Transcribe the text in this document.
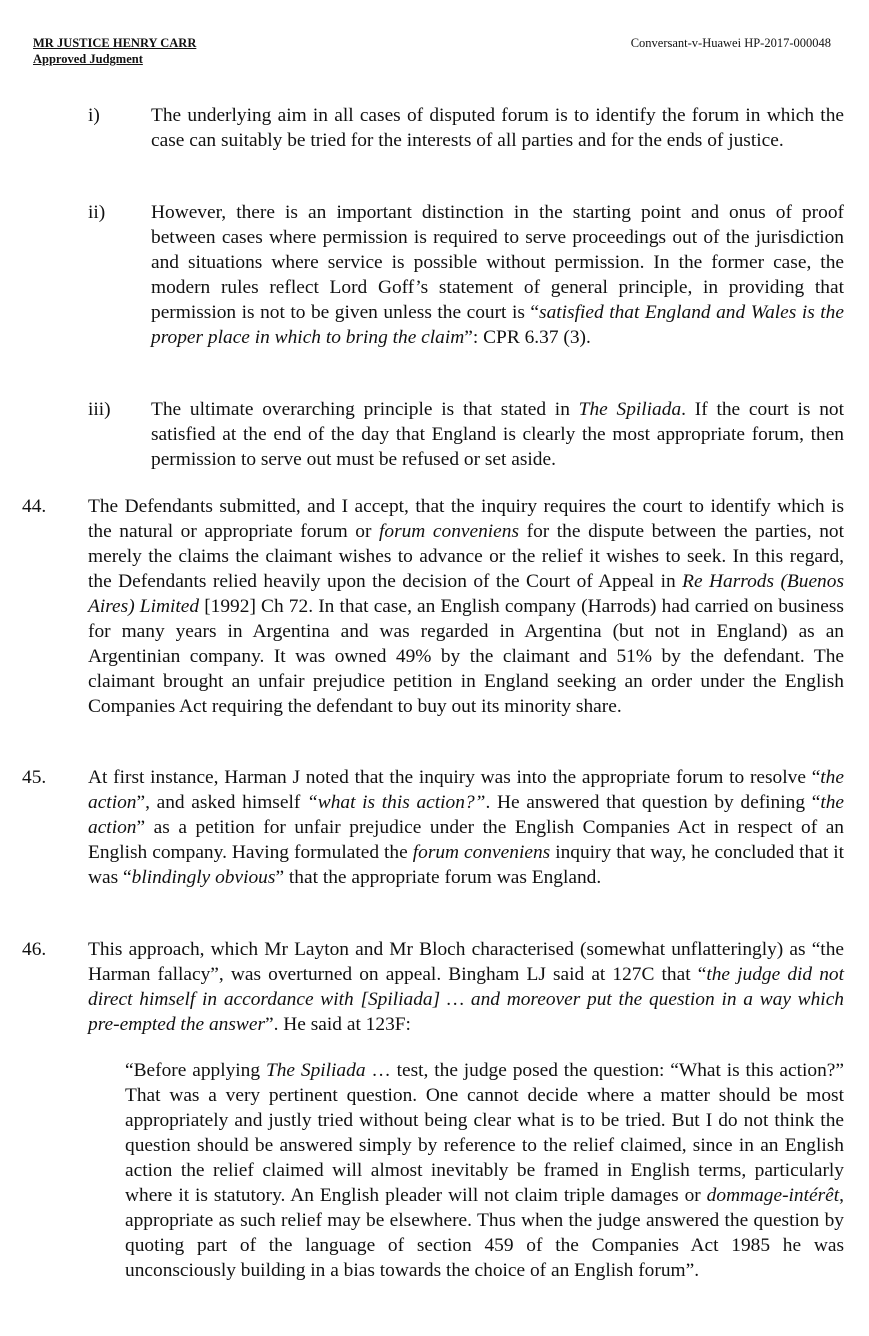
MR JUSTICE HENRY CARR
Approved Judgment
Conversant-v-Huawei HP-2017-000048
i)	The underlying aim in all cases of disputed forum is to identify the forum in which the case can suitably be tried for the interests of all parties and for the ends of justice.
ii) However, there is an important distinction in the starting point and onus of proof between cases where permission is required to serve proceedings out of the jurisdiction and situations where service is possible without permission. In the former case, the modern rules reflect Lord Goff’s statement of general principle, in providing that permission is not to be given unless the court is “satisfied that England and Wales is the proper place in which to bring the claim”: CPR 6.37 (3).
iii) The ultimate overarching principle is that stated in The Spiliada. If the court is not satisfied at the end of the day that England is clearly the most appropriate forum, then permission to serve out must be refused or set aside.
44. The Defendants submitted, and I accept, that the inquiry requires the court to identify which is the natural or appropriate forum or forum conveniens for the dispute between the parties, not merely the claims the claimant wishes to advance or the relief it wishes to seek. In this regard, the Defendants relied heavily upon the decision of the Court of Appeal in Re Harrods (Buenos Aires) Limited [1992] Ch 72. In that case, an English company (Harrods) had carried on business for many years in Argentina and was regarded in Argentina (but not in England) as an Argentinian company. It was owned 49% by the claimant and 51% by the defendant. The claimant brought an unfair prejudice petition in England seeking an order under the English Companies Act requiring the defendant to buy out its minority share.
45. At first instance, Harman J noted that the inquiry was into the appropriate forum to resolve “the action”, and asked himself “what is this action?”. He answered that question by defining “the action” as a petition for unfair prejudice under the English Companies Act in respect of an English company. Having formulated the forum conveniens inquiry that way, he concluded that it was “blindingly obvious” that the appropriate forum was England.
46. This approach, which Mr Layton and Mr Bloch characterised (somewhat unflatteringly) as “the Harman fallacy”, was overturned on appeal. Bingham LJ said at 127C that “the judge did not direct himself in accordance with [Spiliada] … and moreover put the question in a way which pre-empted the answer”. He said at 123F:
“Before applying The Spiliada … test, the judge posed the question: “What is this action?” That was a very pertinent question. One cannot decide where a matter should be most appropriately and justly tried without being clear what is to be tried. But I do not think the question should be answered simply by reference to the relief claimed, since in an English action the relief claimed will almost inevitably be framed in English terms, particularly where it is statutory. An English pleader will not claim triple damages or dommage-intérêt, appropriate as such relief may be elsewhere. Thus when the judge answered the question by quoting part of the language of section 459 of the Companies Act 1985 he was unconsciously building in a bias towards the choice of an English forum”.
